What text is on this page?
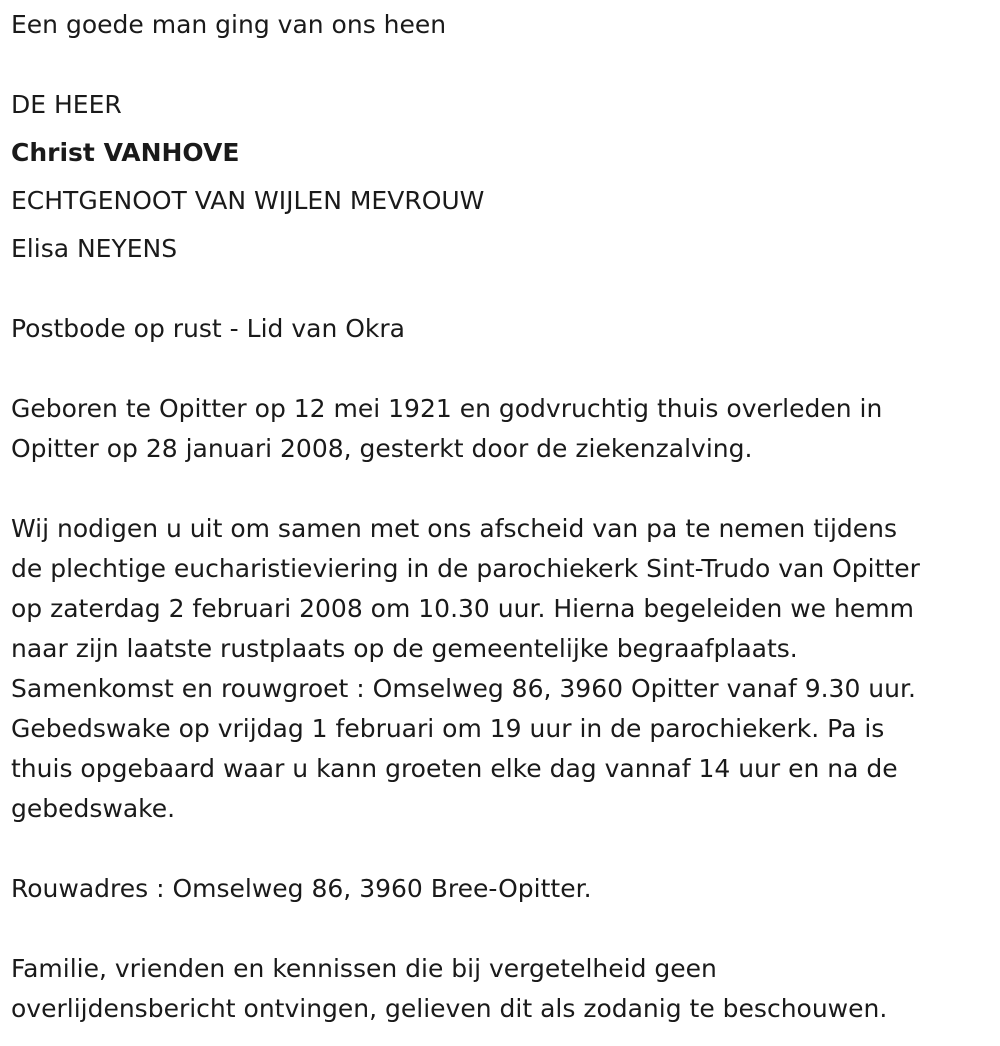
Een goede man ging van ons heen

DE HEER

Christ VANHOVE

ECHTGENOOT VAN WIJLEN MEVROUW

Elisa NEYENS

Postbode op rust - Lid van Okra

Geboren te Opitter op 12 mei 1921 en godvruchtig thuis overleden in

Opitter op 28 januari 2008, gesterkt door de ziekenzalving.

Wij nodigen u uit om samen met ons afscheid van pa te nemen tijdens

de plechtige eucharistieviering in de parochiekerk Sint-Trudo van Opitter

op zaterdag 2 februari 2008 om 10.30 uur. Hierna begeleiden we hemm

naar zijn laatste rustplaats op de gemeentelijke begraafplaats.

Samenkomst en rouwgroet : Omselweg 86, 3960 Opitter vanaf 9.30 uur.

Gebedswake op vrijdag 1 februari om 19 uur in de parochiekerk. Pa is

thuis opgebaard waar u kann groeten elke dag vannaf 14 uur en na de

gebedswake.

Rouwadres : Omselweg 86, 3960 Bree-Opitter.

Familie, vrienden en kennissen die bij vergetelheid geen

overlijdensbericht ontvingen, gelieven dit als zodanig te beschouwen.
